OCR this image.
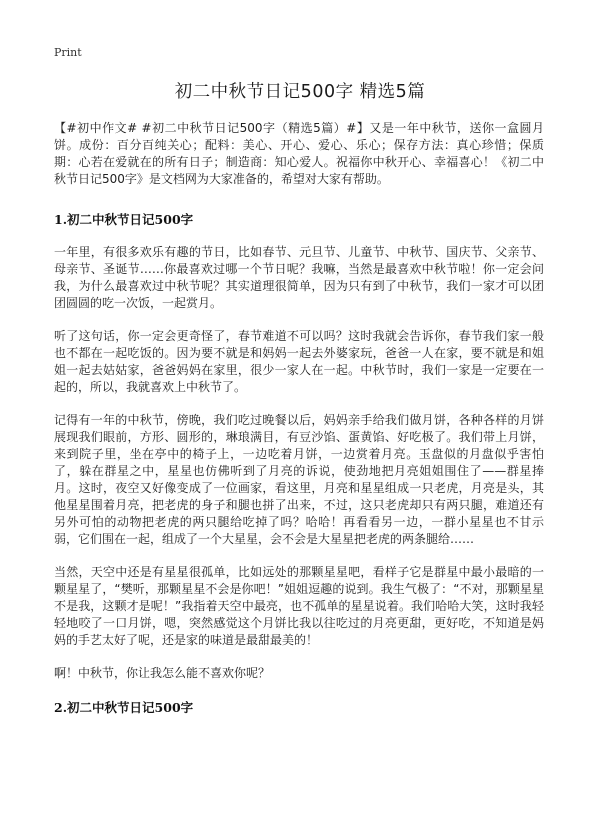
Print
初二中秋节日记500字 精选5篇

【#初中作文# #初二中秋节日记500字（精选5篇）#】又是一年中秋节，送你一盒圆月饼。成份：百分百纯关心；配料：美心、开心、爱心、乐心；保存方法：真心珍惜；保质期：心若在爱就在的所有日子；制造商：知心爱人。祝福你中秋开心、幸福喜心！《初二中秋节日记500字》是文档网为大家准备的，希望对大家有帮助。

1.初二中秋节日记500字

一年里，有很多欢乐有趣的节日，比如春节、元旦节、儿童节、中秋节、国庆节、父亲节、母亲节、圣诞节……你最喜欢过哪一个节日呢？我嘛，当然是最喜欢中秋节啦！你一定会问我，为什么最喜欢过中秋节呢？其实道理很简单，因为只有到了中秋节，我们一家才可以团团圆圆的吃一次饭，一起赏月。

听了这句话，你一定会更奇怪了，春节难道不可以吗？这时我就会告诉你，春节我们家一般也不都在一起吃饭的。因为要不就是和妈妈一起去外婆家玩，爸爸一人在家，要不就是和姐姐一起去姑姑家，爸爸妈妈在家里，很少一家人在一起。中秋节时，我们一家是一定要在一起的，所以，我就喜欢上中秋节了。

记得有一年的中秋节，傍晚，我们吃过晚餐以后，妈妈亲手给我们做月饼，各种各样的月饼展现我们眼前，方形、圆形的，琳琅满目，有豆沙馅、蛋黄馅、好吃极了。我们带上月饼，来到院子里，坐在亭中的椅子上，一边吃着月饼，一边赏着月亮。玉盘似的月盘似乎害怕了，躲在群星之中，星星也仿佛听到了月亮的诉说，使劲地把月亮姐姐围住了——群星捧月。这时，夜空又好像变成了一位画家，看这里，月亮和星星组成一只老虎，月亮是头，其他星星围着月亮，把老虎的身子和腿也拼了出来，不过，这只老虎却只有两只腿，难道还有另外可怕的动物把老虎的两只腿给吃掉了吗？哈哈！再看看另一边，一群小星星也不甘示弱，它们围在一起，组成了一个大星星，会不会是大星星把老虎的两条腿给……

当然，天空中还是有星星很孤单，比如远处的那颗星星吧，看样子它是群星中最小最暗的一颗星星了，“樊听，那颗星星不会是你吧！”姐姐逗趣的说到。我生气极了：“不对，那颗星星不是我，这颗才是呢！”我指着天空中最亮，也不孤单的星星说着。我们哈哈大笑，这时我轻轻地咬了一口月饼，嗯，突然感觉这个月饼比我以往吃过的月亮更甜，更好吃，不知道是妈妈的手艺太好了呢，还是家的味道是最甜最美的！

啊！中秋节，你让我怎么能不喜欢你呢？

2.初二中秋节日记500字
